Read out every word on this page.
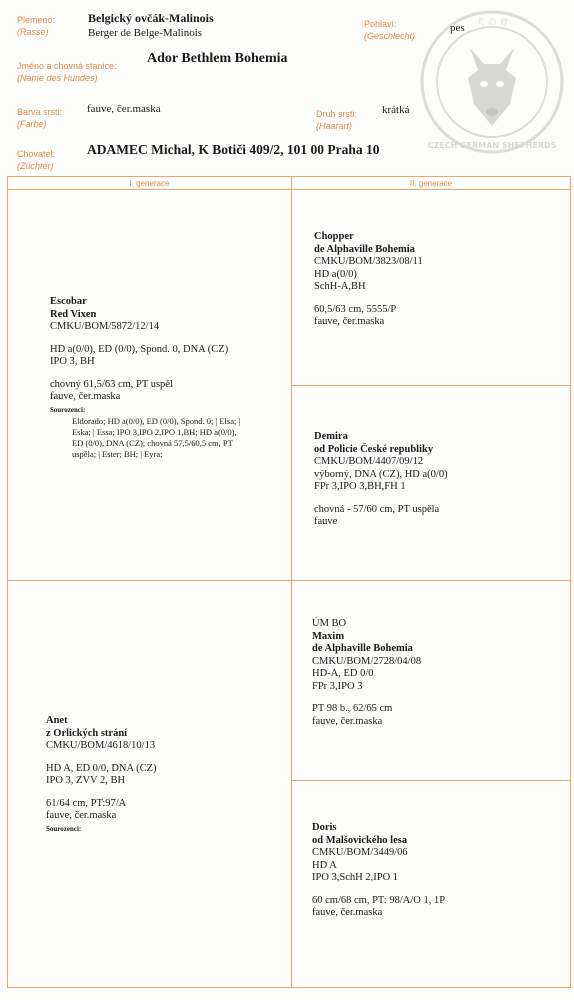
犬 の 會
CZECH GERMAN SHEPHERDS
Plemeno:
(Rasse)
Belgický ovčák-Malinois
Berger de Belge-Malinois
Pohlaví:
(Geschlecht)
pes
Jméno a chovná stanice:
(Name des Hundes)
Ador Bethlem Bohemia
Barva srsti:
(Farbe)
fauve, čer.maska	Druh srsti:
(Haarart)
krátká
Chovatel:
(Züchter)
ADAMEC Michal, K Botiči 409/2, 101 00 Praha 10
I. generace	II. generace
Escobar
Red Vixen
CMKU/BOM/5872/12/14
HD a(0/0), ED (0/0), Spond. 0, DNA (CZ)
IPO 3, BH
chovný 61,5/63 cm, PT uspěl
fauve, čer.maska
Sourozenci:
Eldorado; HD a(0/0), ED (0/0), Spond. 0; | Elsa; |
Eska; | Essa; IPO 3,IPO 2,IPO 1,BH; HD a(0/0),
ED (0/0), DNA (CZ); chovná 57,5/60,5 cm, PT
uspěla; | Ester; BH; | Eyra;
Anet
z Orlických strání
CMKU/BOM/4618/10/13
HD A, ED 0/0, DNA (CZ)
IPO 3, ZVV 2, BH
61/64 cm, PT:97/A
fauve, čer.maska
Sourozenci:
Chopper
de Alphaville Bohemia
CMKU/BOM/3823/08/11
HD a(0/0)
SchH-A,BH
60,5/63 cm, 5555/P
fauve, čer.maska
Demira
od Policie České republiky
CMKU/BOM/4407/09/12
výborný, DNA (CZ), HD a(0/0)
FPr 3,IPO 3,BH,FH 1
chovná - 57/60 cm, PT uspěla
fauve
ÚM BO
Maxim
de Alphaville Bohemia
CMKU/BOM/2728/04/08
HD-A, ED 0/0
FPr 3,IPO 3
PT 98 b., 62/65 cm
fauve, čer.maska
Doris
od Malšovického lesa
CMKU/BOM/3449/06
HD A
IPO 3,SchH 2,IPO 1
60 cm/68 cm, PT: 98/A/O 1, 1P
fauve, čer.maska
